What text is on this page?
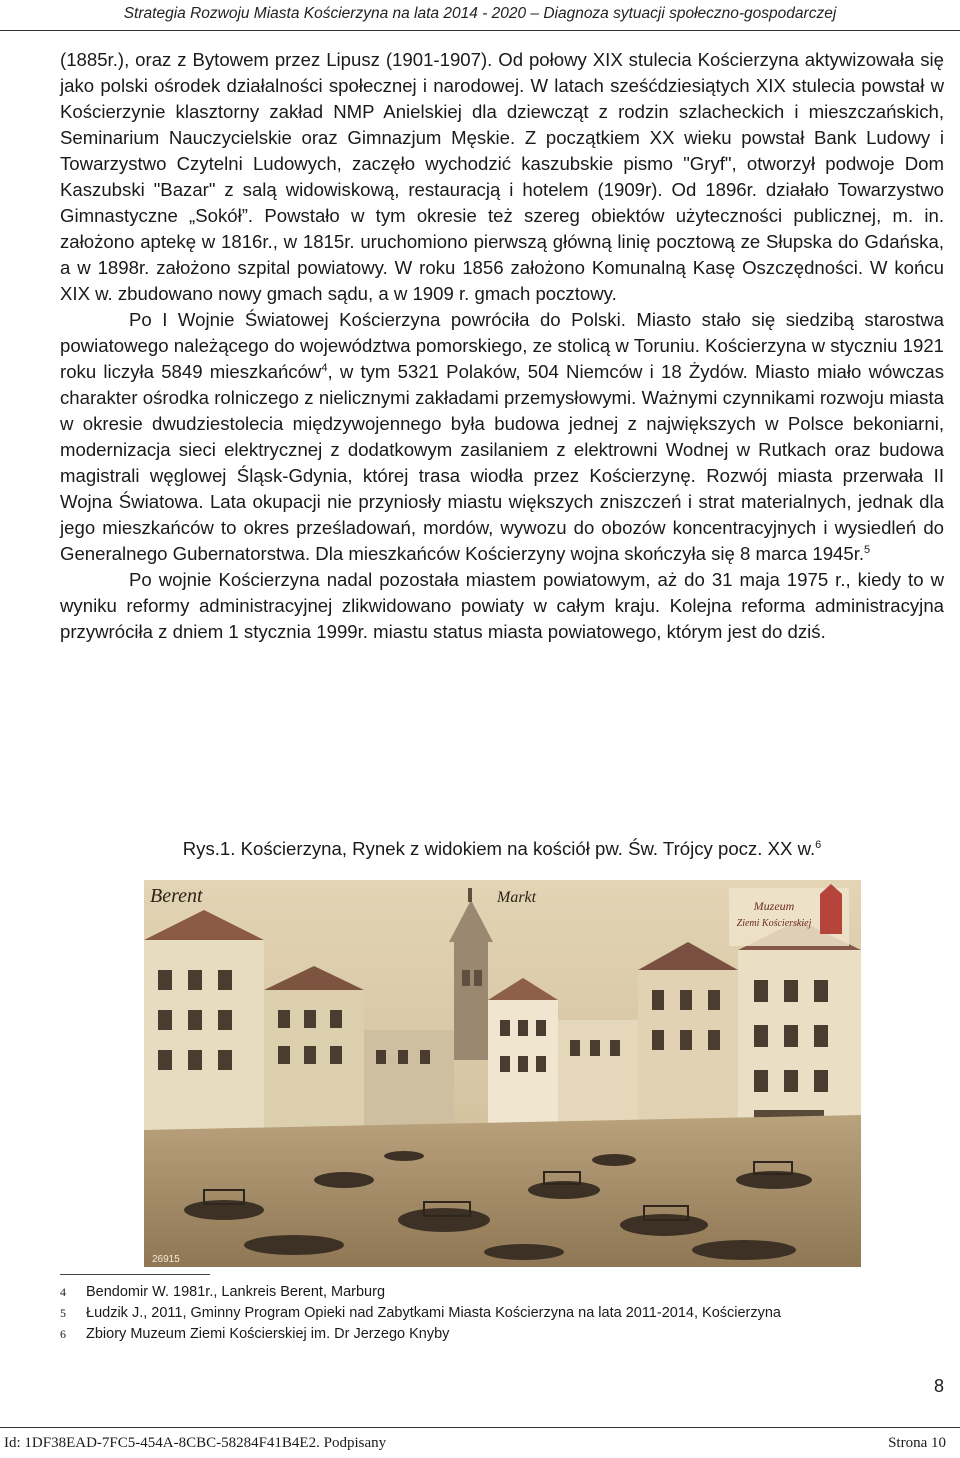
Strategia Rozwoju Miasta Kościerzyna na lata 2014 - 2020 – Diagnoza sytuacji społeczno-gospodarczej

(1885r.), oraz z Bytowem przez Lipusz (1901-1907). Od połowy XIX stulecia Kościerzyna aktywizowała się jako polski ośrodek działalności społecznej i narodowej. W latach sześćdziesiątych XIX stulecia powstał w Kościerzynie klasztorny zakład NMP Anielskiej dla dziewcząt z rodzin szlacheckich i mieszczańskich, Seminarium Nauczycielskie oraz Gimnazjum Męskie. Z początkiem XX wieku powstał Bank Ludowy i Towarzystwo Czytelni Ludowych, zaczęło wychodzić kaszubskie pismo "Gryf", otworzył podwoje Dom Kaszubski "Bazar" z salą widowiskową, restauracją i hotelem (1909r). Od 1896r. działało Towarzystwo Gimnastyczne „Sokół”. Powstało w tym okresie też szereg obiektów użyteczności publicznej, m. in. założono aptekę w 1816r., w 1815r. uruchomiono pierwszą główną linię pocztową ze Słupska do Gdańska, a w 1898r. założono szpital powiatowy. W roku 1856 założono Komunalną Kasę Oszczędności. W końcu XIX w. zbudowano nowy gmach sądu, a w 1909 r. gmach pocztowy.

Po I Wojnie Światowej Kościerzyna powróciła do Polski. Miasto stało się siedzibą starostwa powiatowego należącego do województwa pomorskiego, ze stolicą w Toruniu. Kościerzyna w styczniu 1921 roku liczyła 5849 mieszkańców$^4$, w tym 5321 Polaków, 504 Niemców i 18 Żydów. Miasto miało wówczas charakter ośrodka rolniczego z nielicznymi zakładami przemysłowymi. Ważnymi czynnikami rozwoju miasta w okresie dwudziestolecia międzywojennego była budowa jednej z największych w Polsce bekoniarni, modernizacja sieci elektrycznej z dodatkowym zasilaniem z elektrowni Wodnej w Rutkach oraz budowa magistrali węglowej Śląsk-Gdynia, której trasa wiodła przez Kościerzynę. Rozwój miasta przerwała II Wojna Światowa. Lata okupacji nie przyniosły miastu większych zniszczeń i strat materialnych, jednak dla jego mieszkańców to okres prześladowań, mordów, wywozu do obozów koncentracyjnych i wysiedleń do Generalnego Gubernatorstwa. Dla mieszkańców Kościerzyny wojna skończyła się 8 marca 1945r.$^5$

Po wojnie Kościerzyna nadal pozostała miastem powiatowym, aż do 31 maja 1975 r., kiedy to w wyniku reformy administracyjnej zlikwidowano powiaty w całym kraju. Kolejna reforma administracyjna przywróciła z dniem 1 stycznia 1999r. miastu status miasta powiatowego, którym jest do dziś.

Rys.1. Kościerzyna, Rynek z widokiem na kościół pw. Św. Trójcy pocz. XX w.$^6$
Berent	Markt	Muzeum
Ziemi Kościerskiej
26915
4	Bendomir W. 1981r., Lankreis Berent, Marburg
5	Łudzik J., 2011, Gminny Program Opieki nad Zabytkami Miasta Kościerzyna na lata 2011-2014, Kościerzyna
6	Zbiory Muzeum Ziemi Kościerskiej im. Dr Jerzego Knyby
8
Id: 1DF38EAD-7FC5-454A-8CBC-58284F41B4E2. Podpisany	Strona 10
